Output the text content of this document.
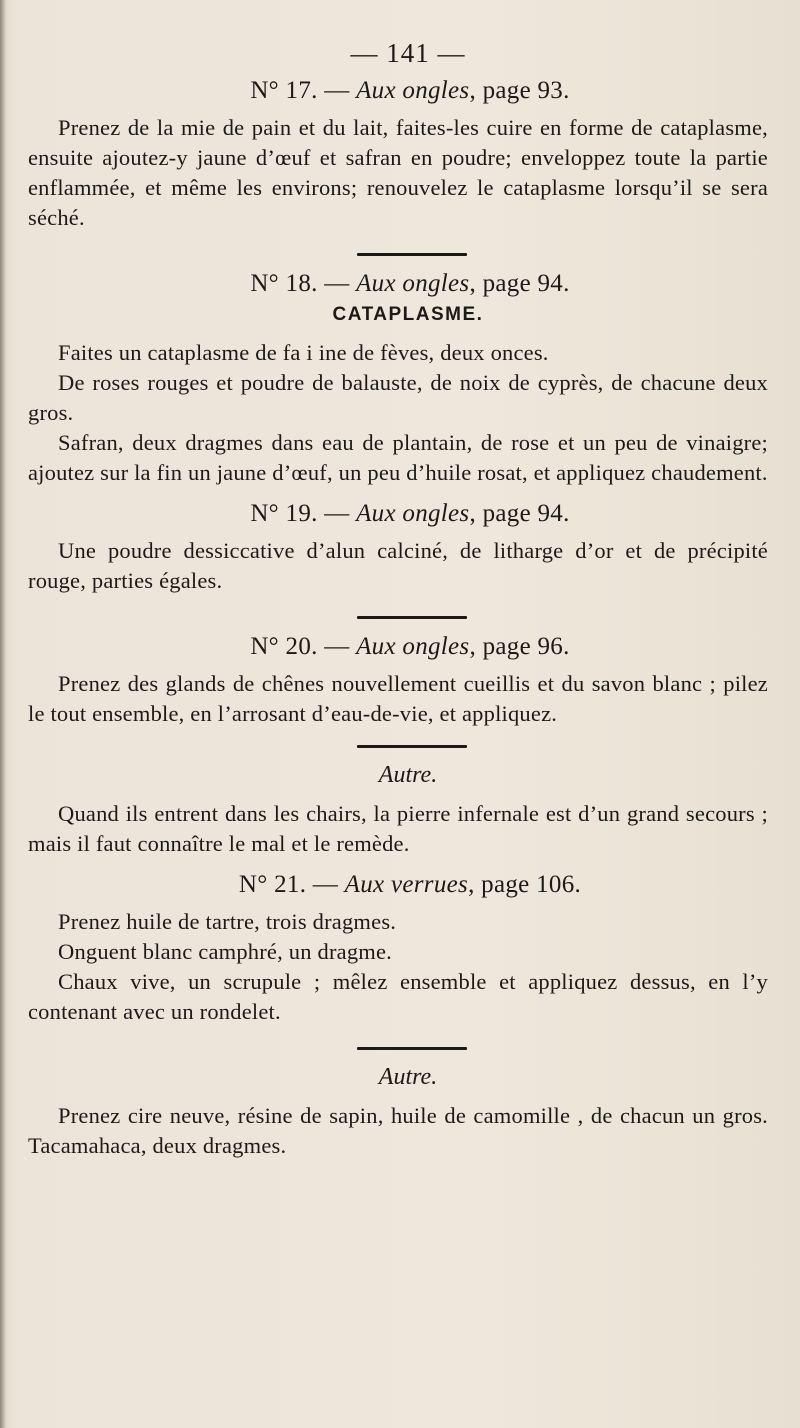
— 141 —

N° 17. — Aux ongles, page 93.

Prenez de la mie de pain et du lait, faites-les cuire en forme de cataplasme, ensuite ajoutez-y jaune d’œuf et safran en poudre; enveloppez toute la partie enflammée, et même les environs; renouvelez le cataplasme lorsqu’il se sera séché.

N° 18. — Aux ongles, page 94.

CATAPLASME.

Faites un cataplasme de fa i ine de fèves, deux onces.

De roses rouges et poudre de balauste, de noix de cyprès, de chacune deux gros.

Safran, deux dragmes dans eau de plantain, de rose et un peu de vinaigre; ajoutez sur la fin un jaune d’œuf, un peu d’huile rosat, et appliquez chaudement.

N° 19. — Aux ongles, page 94.

Une poudre dessiccative d’alun calciné, de litharge d’or et de précipité rouge, parties égales.

N° 20. — Aux ongles, page 96.

Prenez des glands de chênes nouvellement cueillis et du savon blanc ; pilez le tout ensemble, en l’arrosant d’eau-de-vie, et appliquez.

Autre.

Quand ils entrent dans les chairs, la pierre infernale est d’un grand secours ; mais il faut connaître le mal et le remède.

N° 21. — Aux verrues, page 106.

Prenez huile de tartre, trois dragmes.

Onguent blanc camphré, un dragme.

Chaux vive, un scrupule ; mêlez ensemble et appliquez dessus, en l’y contenant avec un rondelet.

Autre.

Prenez cire neuve, résine de sapin, huile de camomille , de chacun un gros. Tacamahaca, deux dragmes.
